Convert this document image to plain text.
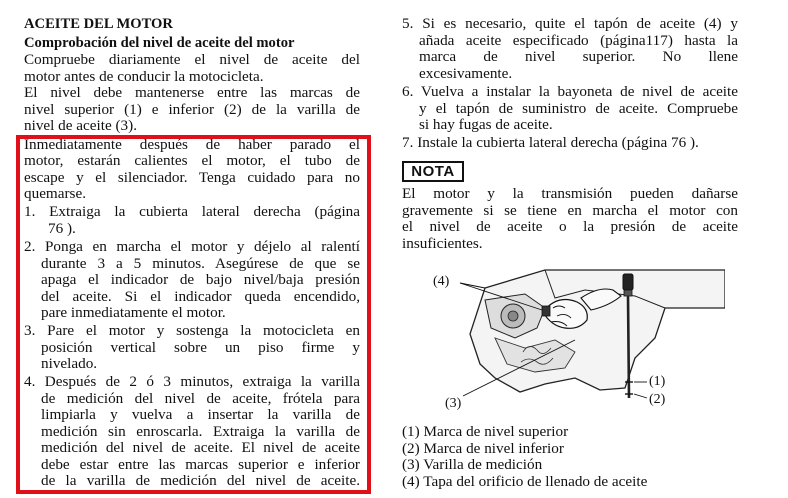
ACEITE DEL MOTOR
Comprobación del nivel de aceite del motor
Compruebe diariamente el nivel de aceite del
motor antes de conducir la motocicleta.
El nivel debe mantenerse entre las marcas de
nivel superior (1) e inferior (2) de la varilla de
nivel de aceite (3).
Inmediatamente después de haber parado el
motor, estarán calientes el motor, el tubo de
escape y el silenciador. Tenga cuidado para no
quemarse.
1. Extraiga la cubierta lateral derecha (página
76 ).
2. Ponga en marcha el motor y déjelo al ralentí
durante 3 a 5 minutos. Asegúrese de que se
apaga el indicador de bajo nivel/baja presión
del aceite. Si el indicador queda encendido,
pare inmediatamente el motor.
3. Pare el motor y sostenga la motocicleta en
posición vertical sobre un piso firme y
nivelado.
4. Después de 2 ó 3 minutos, extraiga la varilla
de medición del nivel de aceite, frótela para
limpiarla y vuelva a insertar la varilla de
medición sin enroscarla. Extraiga la varilla de
medición del nivel de aceite. El nivel de aceite
debe estar entre las marcas superior e inferior
de la varilla de medición del nivel de aceite.
5. Si es necesario, quite el tapón de aceite (4) y
añada aceite especificado (página117) hasta la
marca de nivel superior. No llene
excesivamente.
6. Vuelva a instalar la bayoneta de nivel de aceite
y el tapón de suministro de aceite. Compruebe
si hay fugas de aceite.
7. Instale la cubierta lateral derecha (página 76 ).
El motor y la transmisión pueden dañarse
gravemente si se tiene en marcha el motor con
el nivel de aceite o la presión de aceite
insuficientes.
(1) Marca de nivel superior
(2) Marca de nivel inferior
(3) Varilla de medición
(4) Tapa del orificio de llenado de aceite
NOTA
(4)
(3)
(1)
(2)
